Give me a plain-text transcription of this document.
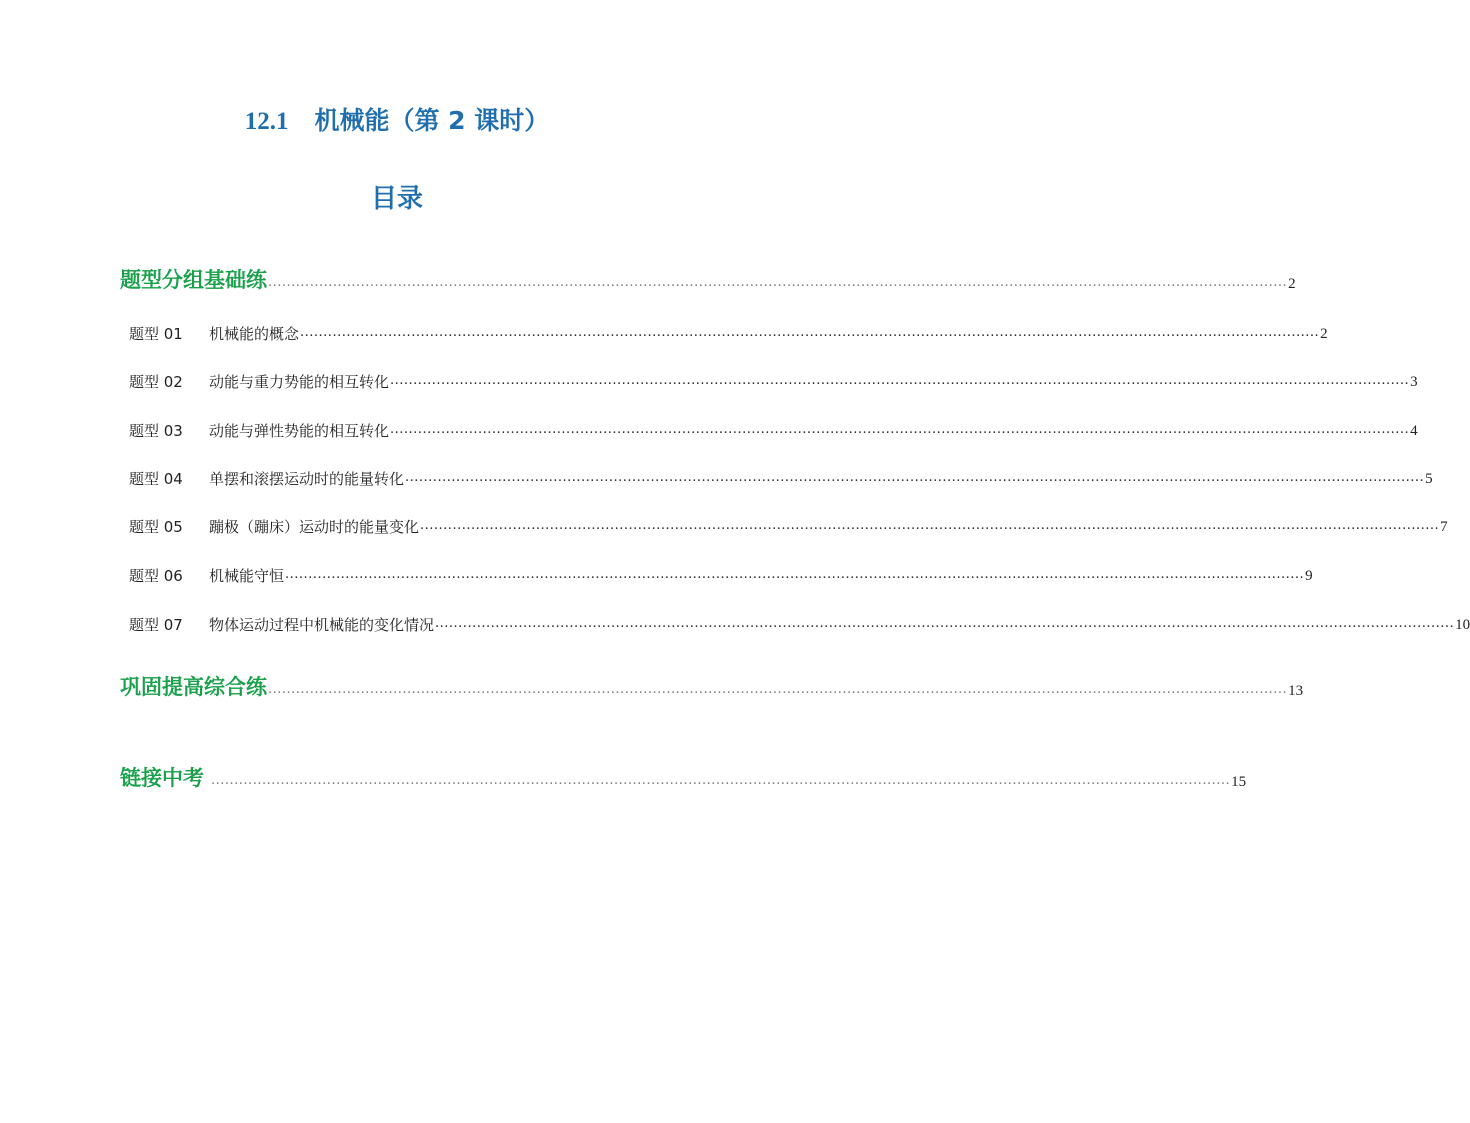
12.1 机械能（第 2 课时）
目录
题型分组基础练 ............................................................................................................................................................................................................................ 2
题型 01 机械能的概念 ............................................................................................................................................................................................................................ 2
题型 02 动能与重力势能的相互转化 ............................................................................................................................................................................................................................ 3
题型 03 动能与弹性势能的相互转化 ............................................................................................................................................................................................................................ 4
题型 04 单摆和滚摆运动时的能量转化 ............................................................................................................................................................................................................................ 5
题型 05 蹦极（蹦床）运动时的能量变化 ............................................................................................................................................................................................................................ 7
题型 06 机械能守恒 ............................................................................................................................................................................................................................ 9
题型 07 物体运动过程中机械能的变化情况 ............................................................................................................................................................................................................................ 10
巩固提高综合练 ............................................................................................................................................................................................................................ 13
链接中考 ............................................................................................................................................................................................................................ 15
